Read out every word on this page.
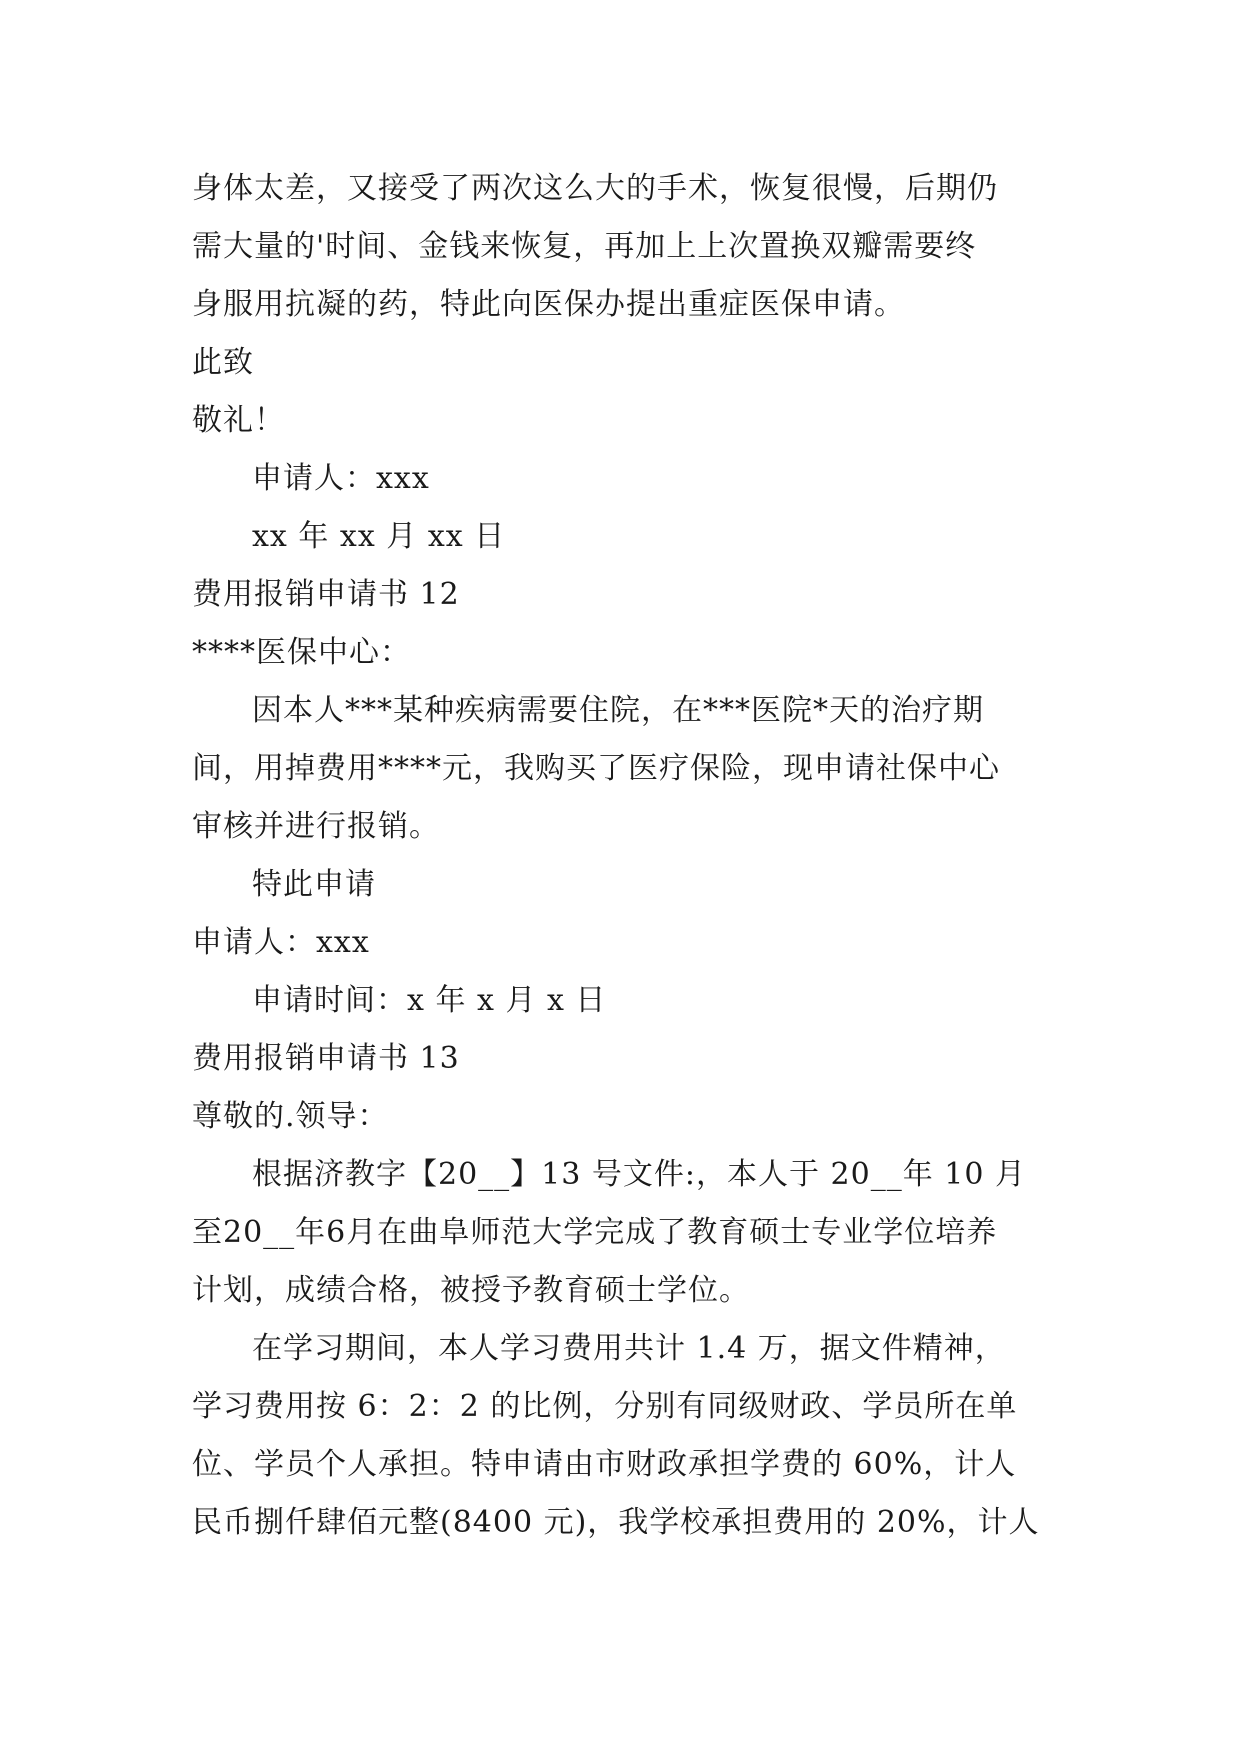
身体太差，又接受了两次这么大的手术，恢复很慢，后期仍
需大量的'时间、金钱来恢复，再加上上次置换双瓣需要终
身服用抗凝的药，特此向医保办提出重症医保申请。
此致
敬礼！
申请人：xxx
xx 年 xx 月 xx 日
费用报销申请书 12
****医保中心：
因本人***某种疾病需要住院，在***医院*天的治疗期
间，用掉费用****元，我购买了医疗保险，现申请社保中心
审核并进行报销。
特此申请
申请人：xxx
申请时间：x 年 x 月 x 日
费用报销申请书 13
尊敬的.领导：
根据济教字【20__】13 号文件:，本人于 20__年 10 月
至20__年6月在曲阜师范大学完成了教育硕士专业学位培养
计划，成绩合格，被授予教育硕士学位。
在学习期间，本人学习费用共计 1.4 万，据文件精神，
学习费用按 6：2：2 的比例，分别有同级财政、学员所在单
位、学员个人承担。特申请由市财政承担学费的 60%，计人
民币捌仟肆佰元整(8400 元)，我学校承担费用的 20%，计人
